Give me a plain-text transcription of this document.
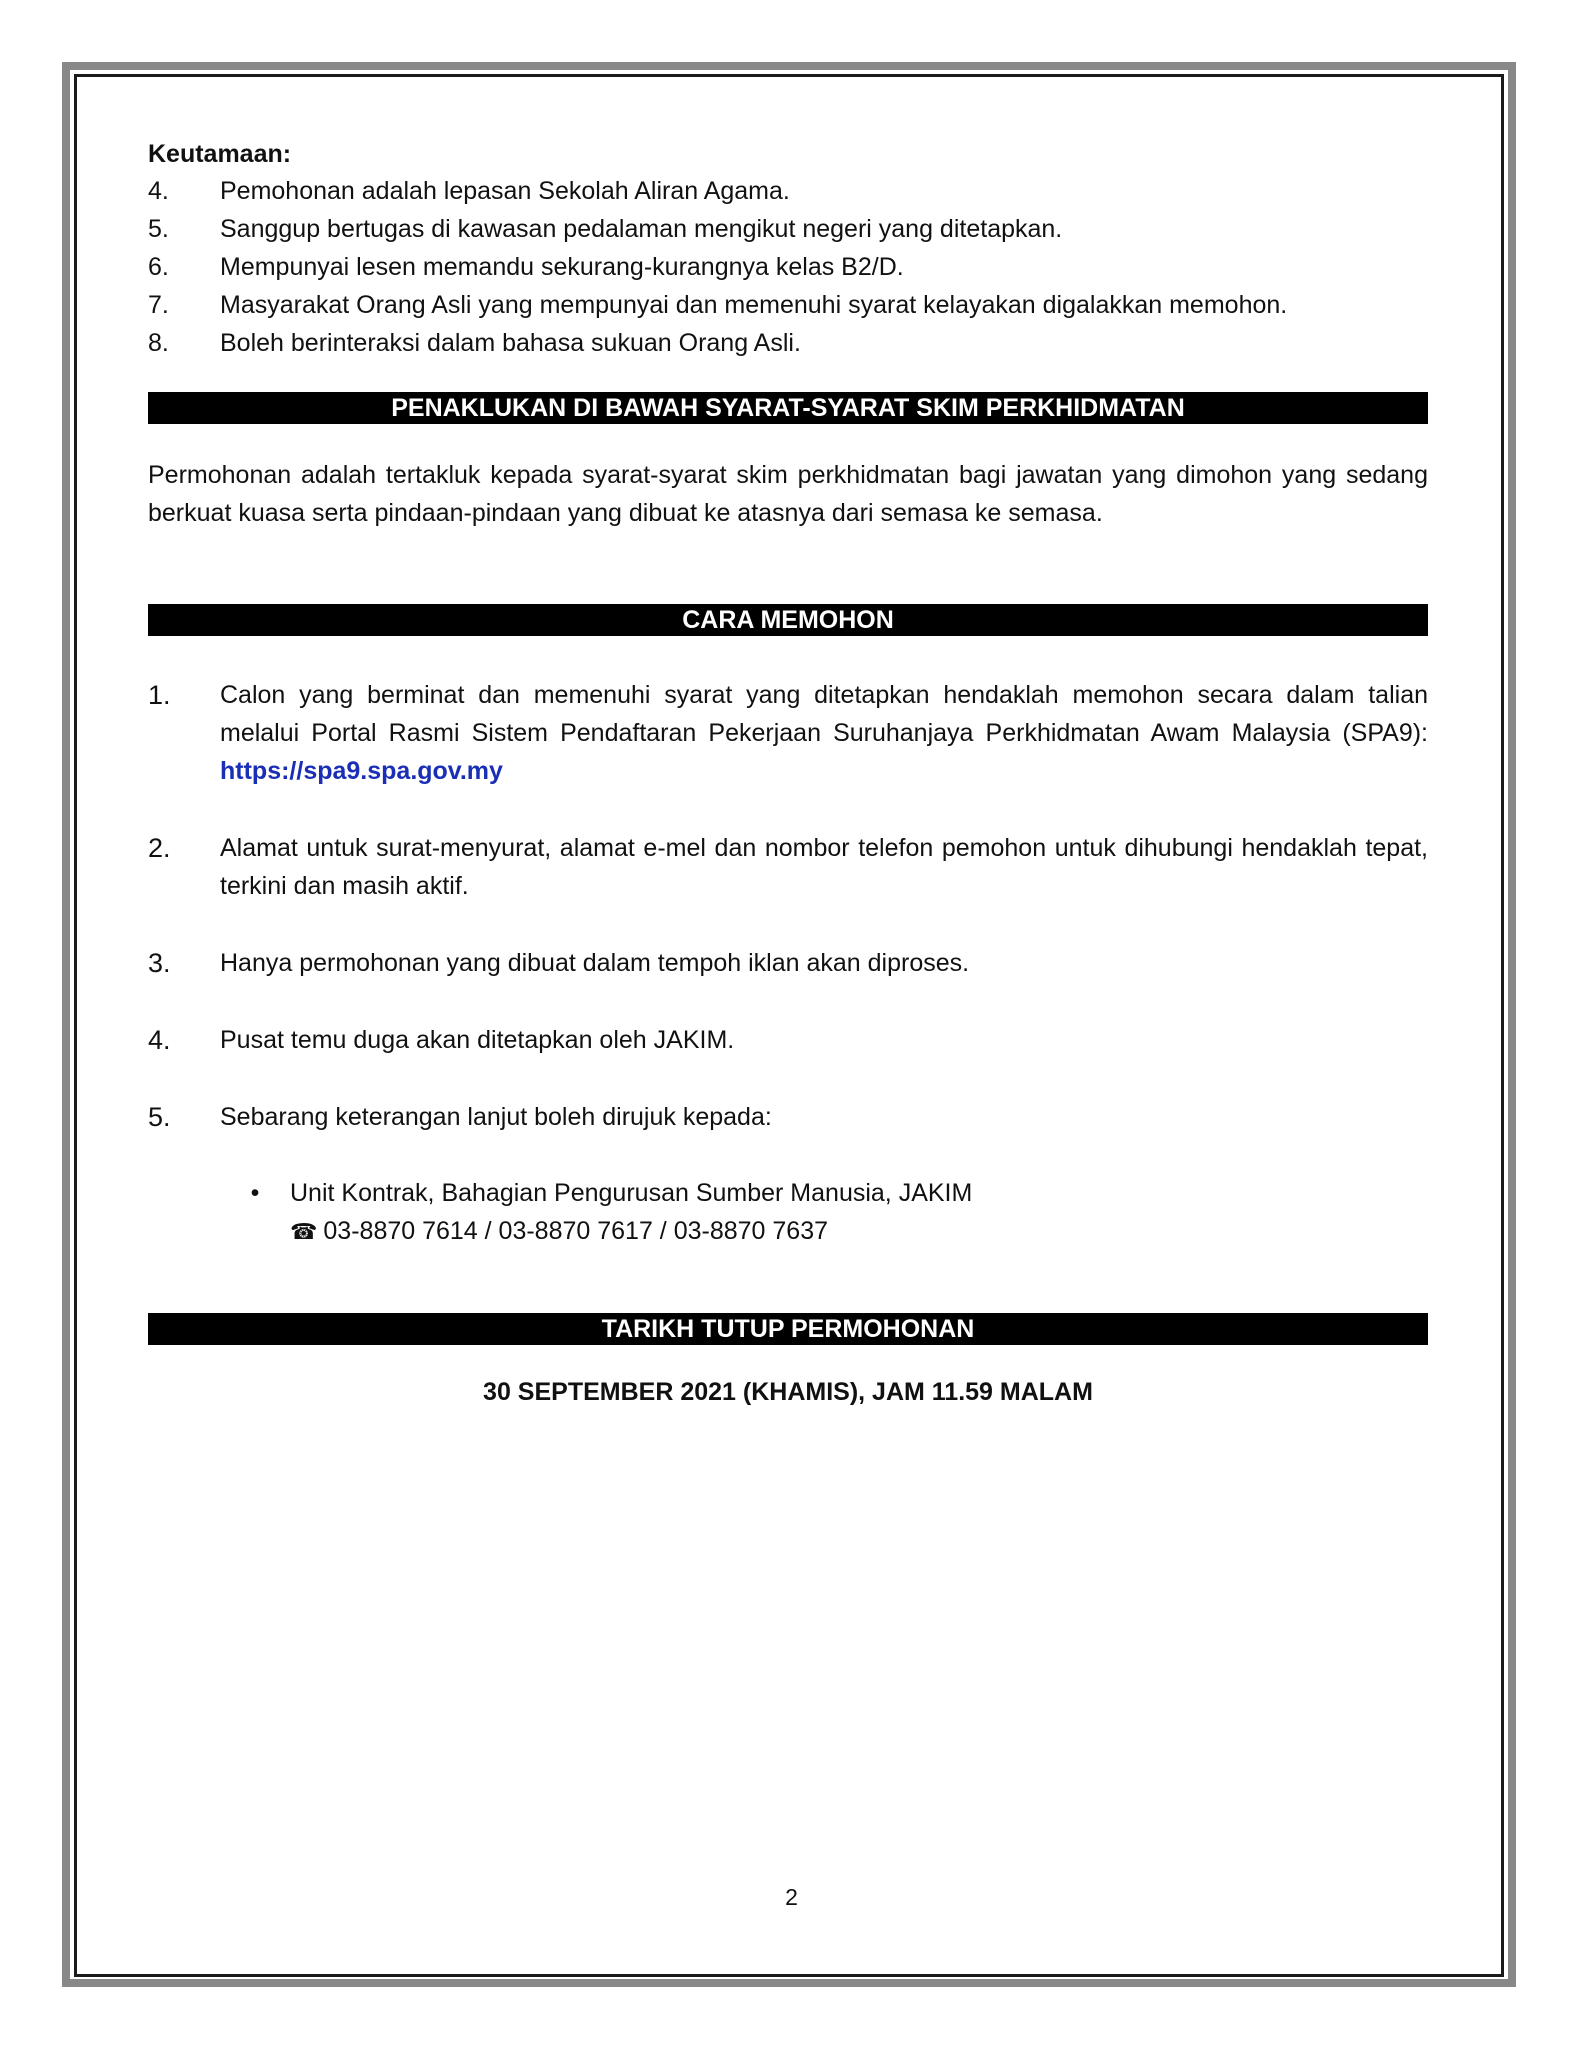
Keutamaan:
4.	Pemohonan adalah lepasan Sekolah Aliran Agama.
5.	Sanggup bertugas di kawasan pedalaman mengikut negeri yang ditetapkan.
6.	Mempunyai lesen memandu sekurang-kurangnya kelas B2/D.
7.	Masyarakat Orang Asli yang mempunyai dan memenuhi syarat kelayakan digalakkan memohon.
8.	Boleh berinteraksi dalam bahasa sukuan Orang Asli.
PENAKLUKAN DI BAWAH SYARAT-SYARAT SKIM PERKHIDMATAN
Permohonan adalah tertakluk kepada syarat-syarat skim perkhidmatan bagi jawatan yang dimohon yang sedang berkuat kuasa serta pindaan-pindaan yang dibuat ke atasnya dari semasa ke semasa.
CARA MEMOHON
1.	Calon yang berminat dan memenuhi syarat yang ditetapkan hendaklah memohon secara dalam talian melalui Portal Rasmi Sistem Pendaftaran Pekerjaan Suruhanjaya Perkhidmatan Awam Malaysia (SPA9): https://spa9.spa.gov.my
2.	Alamat untuk surat-menyurat, alamat e-mel dan nombor telefon pemohon untuk dihubungi hendaklah tepat, terkini dan masih aktif.
3.	Hanya permohonan yang dibuat dalam tempoh iklan akan diproses.
4.	Pusat temu duga akan ditetapkan oleh JAKIM.
5.	Sebarang keterangan lanjut boleh dirujuk kepada:
•	Unit Kontrak, Bahagian Pengurusan Sumber Manusia, JAKIM
☎ 03-8870 7614 / 03-8870 7617 / 03-8870 7637
TARIKH TUTUP PERMOHONAN
30 SEPTEMBER 2021 (KHAMIS), JAM 11.59 MALAM
2
